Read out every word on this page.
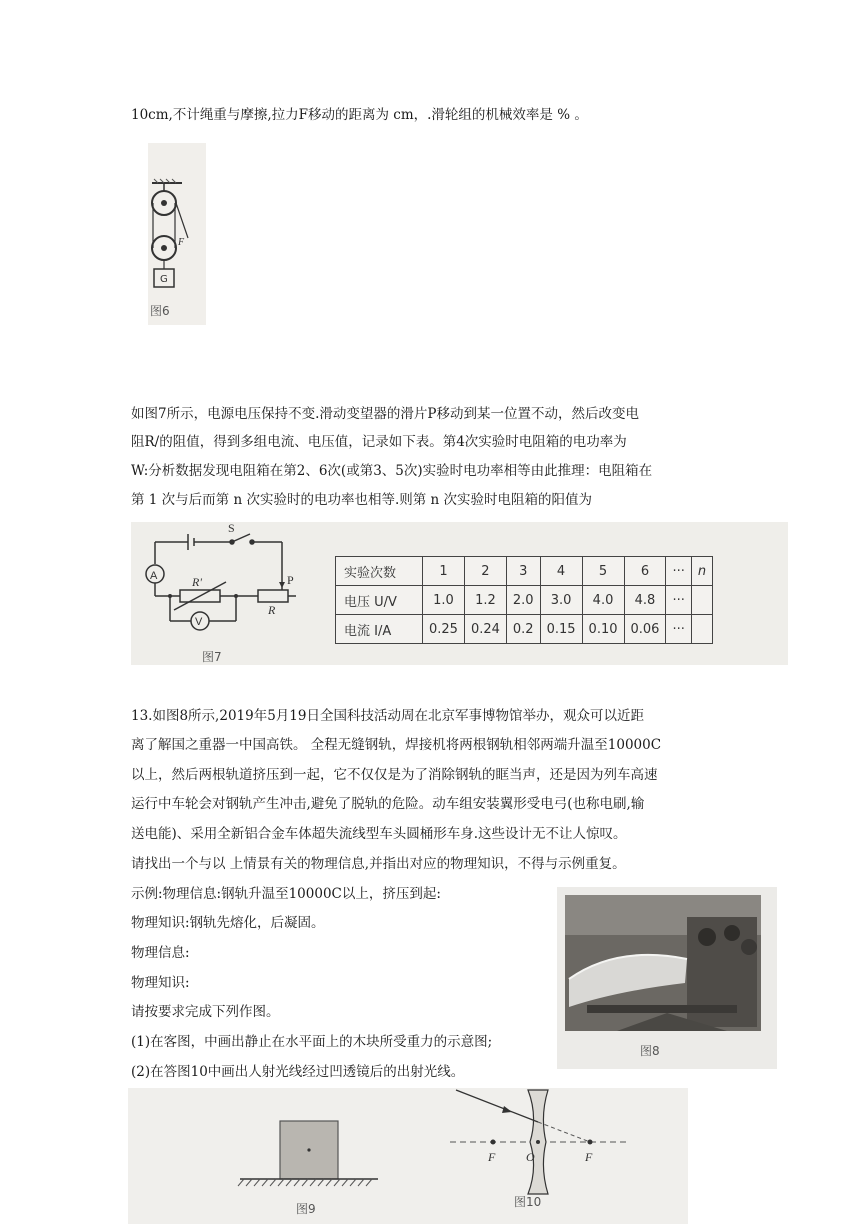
10cm,不计绳重与摩擦,拉力F移动的距离为 cm，.滑轮组的机械效率是 % 。
F
G
图6
如图7所示，电源电压保持不变.滑动变望器的滑片P移动到某一位置不动，然后改变电
阻R/的阻值，得到多组电流、电压值，记录如下表。第4次实验时电阻箱的电功率为
W:分析数据发现电阻箱在第2、6次(或第3、5次)实验时电功率相等由此推理：电阻箱在
第 1 次与后而第 n 次实验时的电功率也相等.则第 n 次实验时电阻箱的阳值为
S
A
V
R'	P
R
图7
实验次数	1	2	3	4	5	6	···	n
电压 U/V	1.0	1.2	2.0	3.0	4.0	4.8	···	
电流 I/A	0.25	0.24	0.2	0.15	0.10	0.06	···	
13.如图8所示,2019年5月19日全国科技活动周在北京军事博物馆举办，观众可以近距
离了解国之重器一中国高铁。 全程无缝钢轨，焊接机将两根钢轨相邻两端升温至10000C
以上，然后两根轨道挤压到一起，它不仅仅是为了消除钢轨的眶当声，还是因为列车高速
运行中车轮会对钢轨产生冲击,避免了脱轨的危险。动车组安装翼形受电弓(也称电刷,输
送电能)、采用全新铝合金车体超失流线型车头圆桶形车身.这些设计无不让人惊叹。
请找出一个与以 上情景有关的物理信息,并指出对应的物理知识，不得与示例重复。
示例:物理信息:钢轨升温至10000C以上，挤压到起:
物理知识:钢轨先熔化，后凝固。
物理信息:
物理知识:
请按要求完成下列作图。
(1)在客图，中画出静止在水平面上的木块所受重力的示意图;
(2)在答图10中画出人射光线经过凹透镜后的出射光线。
图8
图9
F	O	F
图10
